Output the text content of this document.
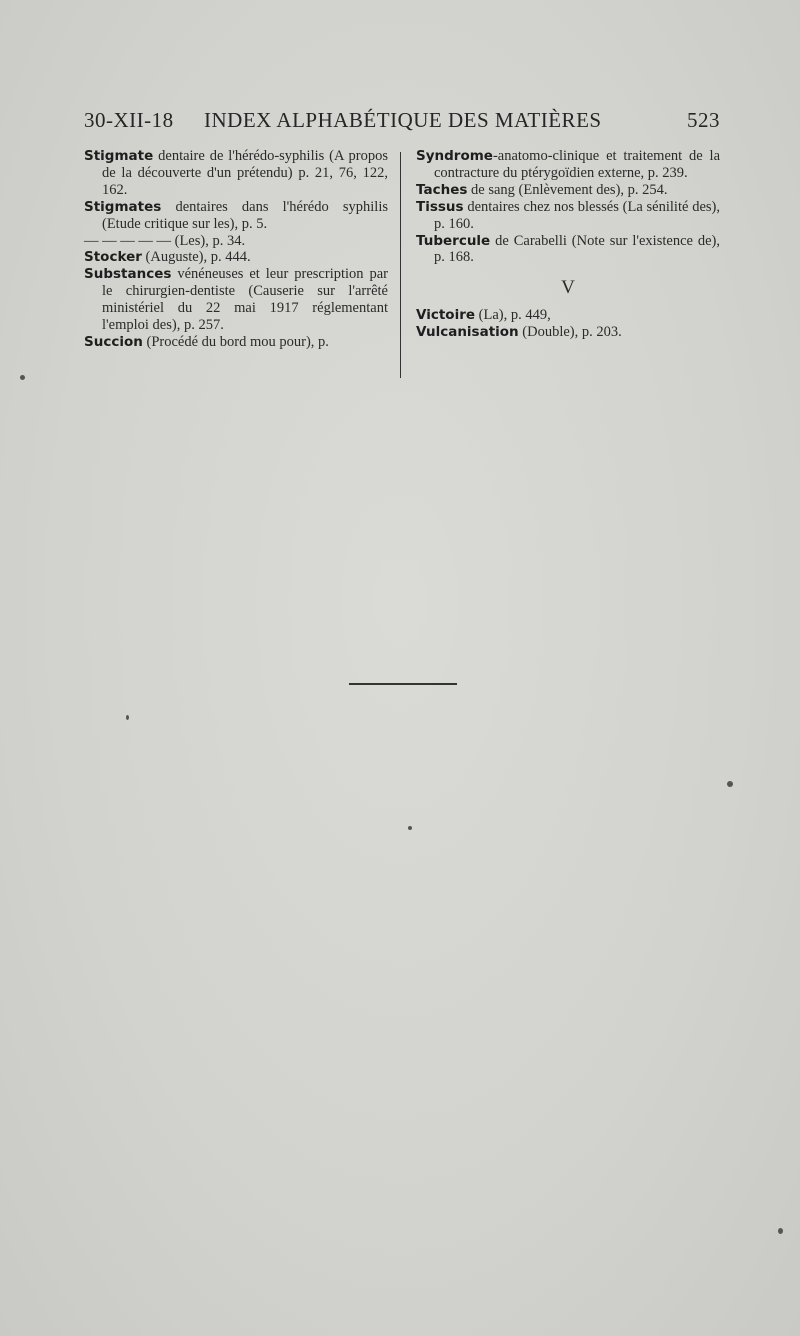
30-XII-18 INDEX ALPHABÉTIQUE DES MATIÈRES	523

Stigmate dentaire de l'hérédo-syphilis (A propos de la découverte d'un prétendu) p. 21, 76, 122, 162.

Stigmates dentaires dans l'hérédo syphilis (Etude critique sur les), p. 5.

— — — — — (Les), p. 34.

Stocker (Auguste), p. 444.

Substances vénéneuses et leur prescription par le chirurgien-dentiste (Causerie sur l'arrêté ministériel du 22 mai 1917 réglementant l'emploi des), p. 257.

Succion (Procédé du bord mou pour), p.

Syndrome-anatomo-clinique et traitement de la contracture du ptérygoïdien externe, p. 239.

Taches de sang (Enlèvement des), p. 254.

Tissus dentaires chez nos blessés (La sénilité des), p. 160.

Tubercule de Carabelli (Note sur l'existence de), p. 168.

V

Victoire (La), p. 449,

Vulcanisation (Double), p. 203.
